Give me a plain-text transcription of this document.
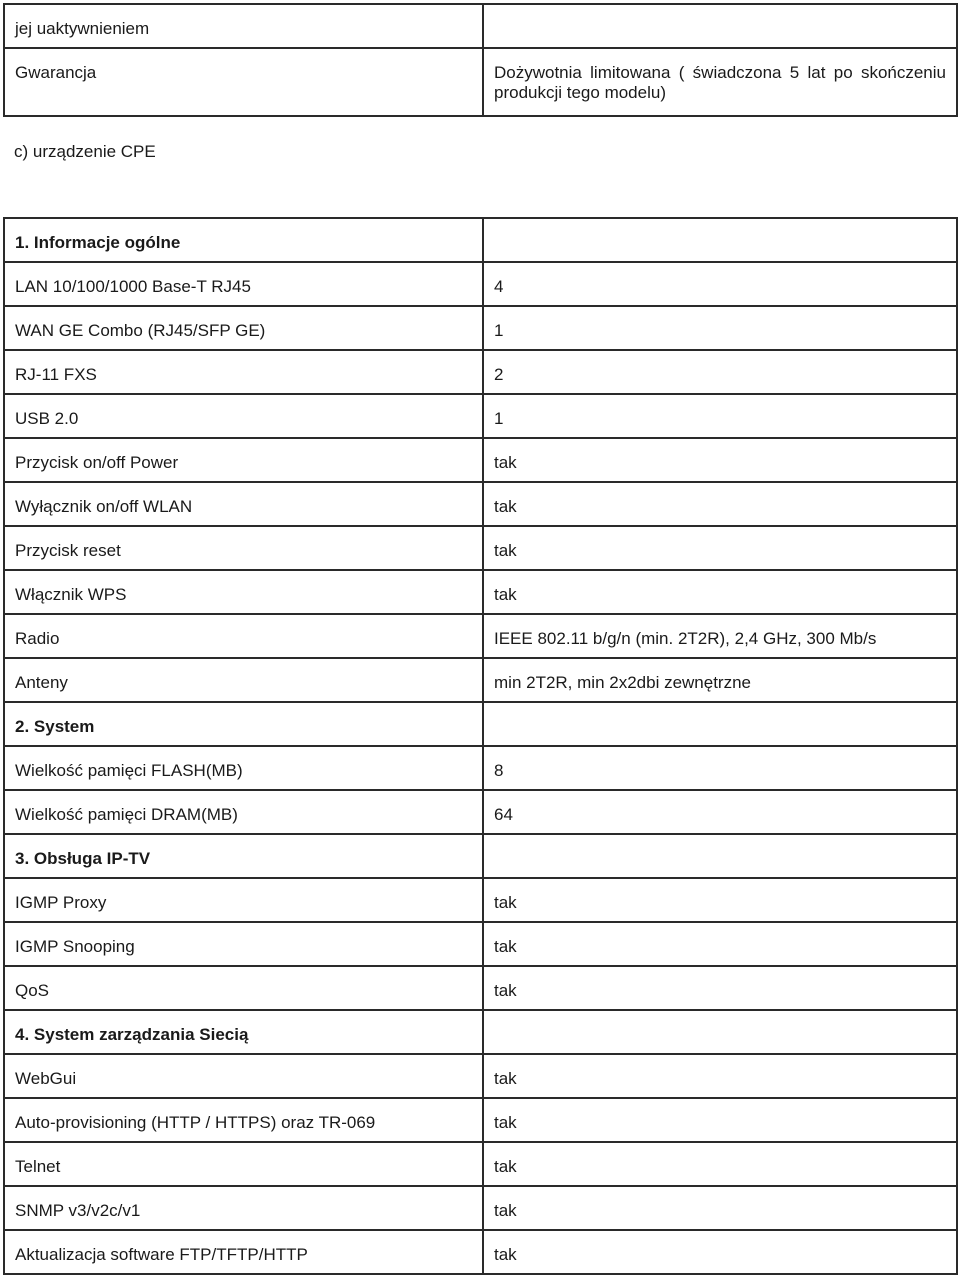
jej uaktywnieniem	
Gwarancja	Dożywotnia limitowana ( świadczona 5 lat po skończeniu produkcji tego modelu)
c) urządzenie CPE
1. Informacje ogólne	
LAN 10/100/1000 Base-T RJ45	4
WAN GE Combo (RJ45/SFP GE)	1
RJ-11 FXS	2
USB 2.0	1
Przycisk on/off Power	tak
Wyłącznik on/off WLAN	tak
Przycisk reset	tak
Włącznik WPS	tak
Radio	IEEE 802.11 b/g/n (min. 2T2R), 2,4 GHz, 300 Mb/s
Anteny	min 2T2R, min 2x2dbi zewnętrzne
2. System	
Wielkość pamięci FLASH(MB)	8
Wielkość pamięci DRAM(MB)	64
3. Obsługa IP-TV	
IGMP Proxy	tak
IGMP Snooping	tak
QoS	tak
4. System zarządzania Siecią	
WebGui	tak
Auto-provisioning (HTTP / HTTPS) oraz TR-069	tak
Telnet	tak
SNMP v3/v2c/v1	tak
Aktualizacja software FTP/TFTP/HTTP	tak
